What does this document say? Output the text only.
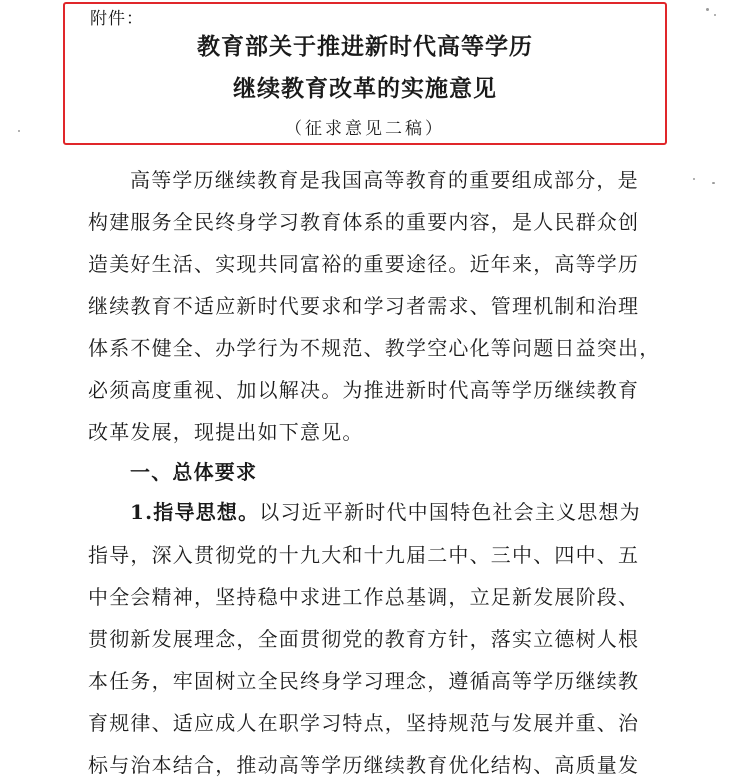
附件：
教育部关于推进新时代高等学历
继续教育改革的实施意见
（征求意见二稿）
高等学历继续教育是我国高等教育的重要组成部分，是
构建服务全民终身学习教育体系的重要内容，是人民群众创
造美好生活、实现共同富裕的重要途径。近年来，高等学历
继续教育不适应新时代要求和学习者需求、管理机制和治理
体系不健全、办学行为不规范、教学空心化等问题日益突出，
必须高度重视、加以解决。为推进新时代高等学历继续教育
改革发展，现提出如下意见。
一、总体要求
1.指导思想。以习近平新时代中国特色社会主义思想为
指导，深入贯彻党的十九大和十九届二中、三中、四中、五
中全会精神，坚持稳中求进工作总基调，立足新发展阶段、
贯彻新发展理念，全面贯彻党的教育方针，落实立德树人根
本任务，牢固树立全民终身学习理念，遵循高等学历继续教
育规律、适应成人在职学习特点，坚持规范与发展并重、治
标与治本结合，推动高等学历继续教育优化结构、高质量发
